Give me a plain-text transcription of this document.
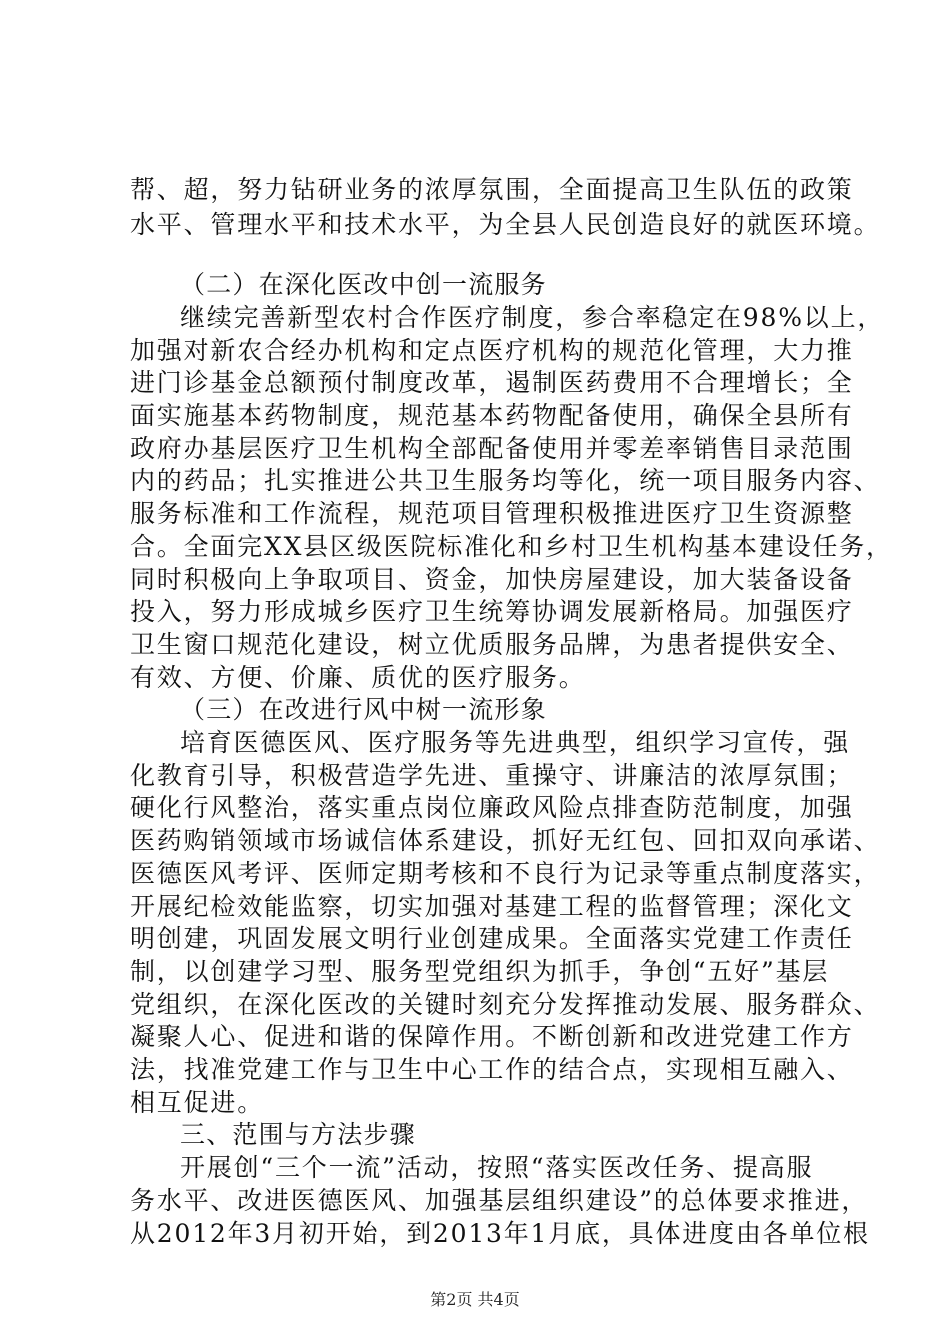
帮、超，努力钻研业务的浓厚氛围，全面提高卫生队伍的政策
水平、管理水平和技术水平，为全县人民创造良好的就医环境。
（二）在深化医改中创一流服务
继续完善新型农村合作医疗制度，参合率稳定在98%以上，
加强对新农合经办机构和定点医疗机构的规范化管理，大力推
进门诊基金总额预付制度改革，遏制医药费用不合理增长；全
面实施基本药物制度，规范基本药物配备使用，确保全县所有
政府办基层医疗卫生机构全部配备使用并零差率销售目录范围
内的药品；扎实推进公共卫生服务均等化，统一项目服务内容、
服务标准和工作流程，规范项目管理积极推进医疗卫生资源整
合。全面完XX县区级医院标准化和乡村卫生机构基本建设任务，
同时积极向上争取项目、资金，加快房屋建设，加大装备设备
投入，努力形成城乡医疗卫生统筹协调发展新格局。加强医疗
卫生窗口规范化建设，树立优质服务品牌，为患者提供安全、
有效、方便、价廉、质优的医疗服务。
（三）在改进行风中树一流形象
培育医德医风、医疗服务等先进典型，组织学习宣传，强
化教育引导，积极营造学先进、重操守、讲廉洁的浓厚氛围；
硬化行风整治，落实重点岗位廉政风险点排查防范制度，加强
医药购销领域市场诚信体系建设，抓好无红包、回扣双向承诺、
医德医风考评、医师定期考核和不良行为记录等重点制度落实，
开展纪检效能监察，切实加强对基建工程的监督管理；深化文
明创建，巩固发展文明行业创建成果。全面落实党建工作责任
制，以创建学习型、服务型党组织为抓手，争创“五好”基层
党组织，在深化医改的关键时刻充分发挥推动发展、服务群众、
凝聚人心、促进和谐的保障作用。不断创新和改进党建工作方
法，找准党建工作与卫生中心工作的结合点，实现相互融入、
相互促进。
三、范围与方法步骤
开展创“三个一流”活动，按照“落实医改任务、提高服
务水平、改进医德医风、加强基层组织建设”的总体要求推进，
从2012年3月初开始，到2013年1月底，具体进度由各单位根
第2页 共4页
